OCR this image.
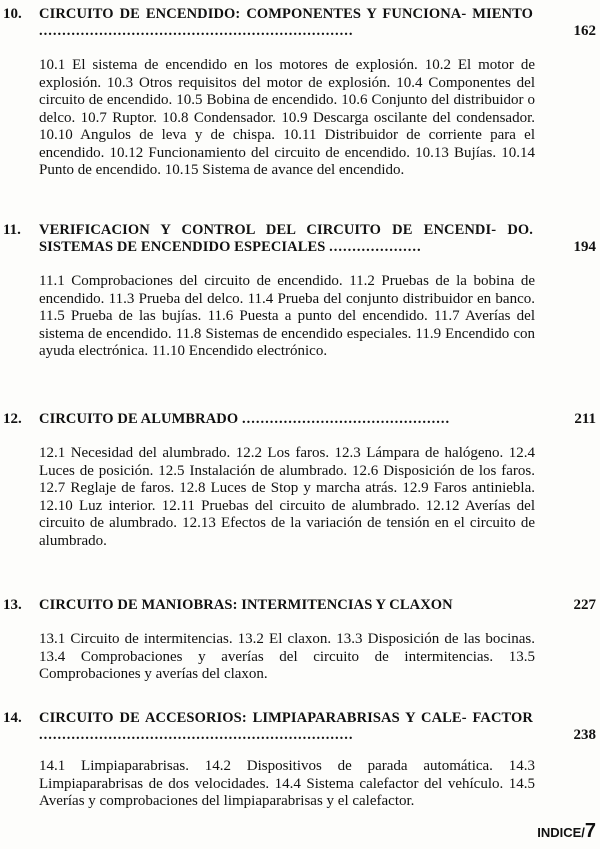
10. CIRCUITO DE ENCENDIDO: COMPONENTES Y FUNCIONA- MIENTO ....................................................................	162
10.1 El sistema de encendido en los motores de explosión. 10.2 El motor de explosión. 10.3 Otros requisitos del motor de explosión. 10.4 Componentes del circuito de encendido. 10.5 Bobina de encendido. 10.6 Conjunto del distribuidor o delco. 10.7 Ruptor. 10.8 Condensador. 10.9 Descarga oscilante del condensador. 10.10 Angulos de leva y de chispa. 10.11 Distribuidor de corriente para el encendido. 10.12 Funcionamiento del circuito de encendido. 10.13 Bujías. 10.14 Punto de encendido. 10.15 Sistema de avance del encendido.
11. VERIFICACION Y CONTROL DEL CIRCUITO DE ENCENDI- DO. SISTEMAS DE ENCENDIDO ESPECIALES ....................	194
11.1 Comprobaciones del circuito de encendido. 11.2 Pruebas de la bobina de encendido. 11.3 Prueba del delco. 11.4 Prueba del conjunto distribuidor en banco. 11.5 Prueba de las bujías. 11.6 Puesta a punto del encendido. 11.7 Averías del sistema de encendido. 11.8 Sistemas de encendido especiales. 11.9 Encendido con ayuda electrónica. 11.10 Encendido electrónico.
12. CIRCUITO DE ALUMBRADO .............................................	211
12.1 Necesidad del alumbrado. 12.2 Los faros. 12.3 Lámpara de halógeno. 12.4 Luces de posición. 12.5 Instalación de alumbrado. 12.6 Disposición de los faros. 12.7 Reglaje de faros. 12.8 Luces de Stop y marcha atrás. 12.9 Faros antiniebla. 12.10 Luz interior. 12.11 Pruebas del circuito de alumbrado. 12.12 Averías del circuito de alumbrado. 12.13 Efectos de la variación de tensión en el circuito de alumbrado.
13. CIRCUITO DE MANIOBRAS: INTERMITENCIAS Y CLAXON	227
13.1 Circuito de intermitencias. 13.2 El claxon. 13.3 Disposición de las bocinas. 13.4 Comprobaciones y averías del circuito de intermitencias. 13.5 Comprobaciones y averías del claxon.
14. CIRCUITO DE ACCESORIOS: LIMPIAPARABRISAS Y CALE- FACTOR ....................................................................	238
14.1 Limpiaparabrisas. 14.2 Dispositivos de parada automática. 14.3 Limpiaparabrisas de dos velocidades. 14.4 Sistema calefactor del vehículo. 14.5 Averías y comprobaciones del limpiaparabrisas y el calefactor.
INDICE/7
